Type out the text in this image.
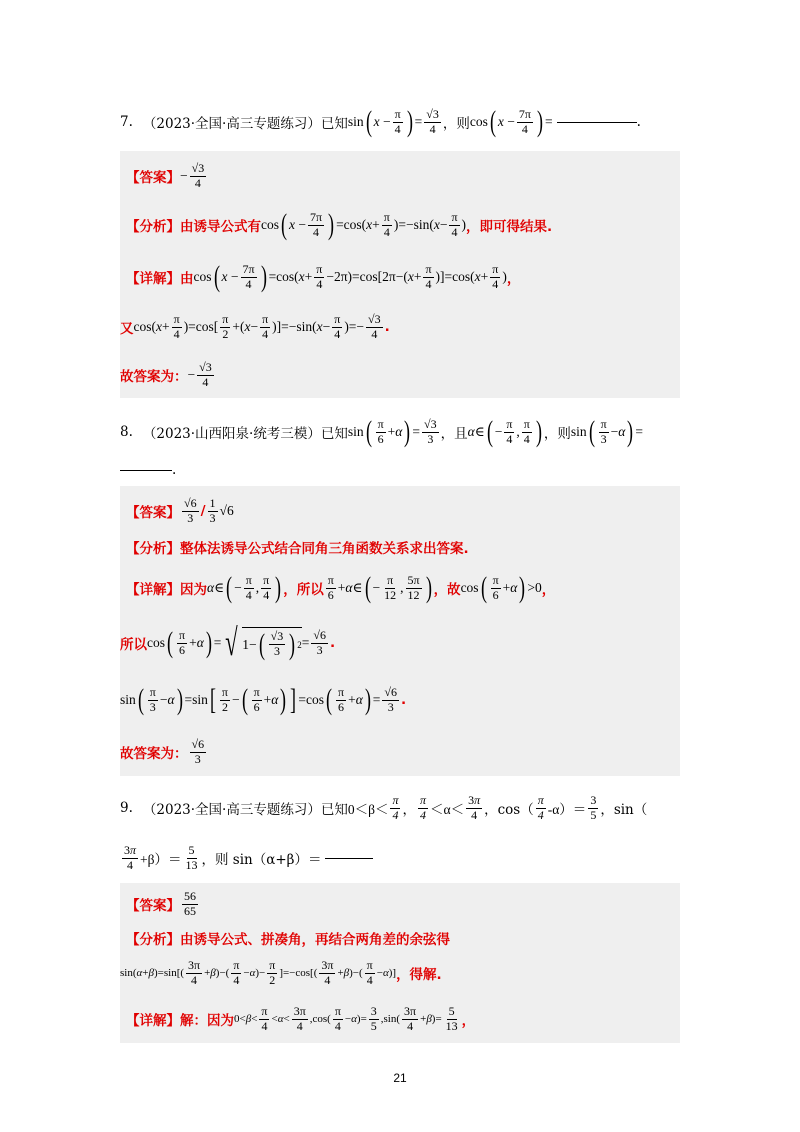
7. （2023·全国·高三专题练习）已知 sin ( $x - \frac{\pi}{4}$ ) = $\frac{√3}{4}$ ，则 cos ( $x - \frac{7\pi}{4}$ ) =	.
【答案】 − $\frac{√3}{4}$
【分析】 由诱导公式有 cos ( $x - \frac{7\pi}{4}$ ) =cos( $x + \frac{\pi}{4} )=-\sin$( $x - \frac{\pi}{4}$ ) ，即可得结果.
【详解】 由 cos ( $x - \frac{7\pi}{4}$ ) =cos( $x + \frac{\pi}{4} -2\pi)=\cos[2\pi-$( $x + \frac{\pi}{4} )]=\cos$( $x + \frac{\pi}{4}$ ) ，
又 cos( $x + \frac{\pi}{4} )=\cos[ \frac{\pi}{2}$ +( $x - \frac{\pi}{4} )]=-\sin$( $x - \frac{\pi}{4}$ )=− $\frac{√3}{4}$ .
故答案为： − $\frac{√3}{4}$
8. （2023·山西阳泉·统考三模）已知 sin ( $\frac{\pi}{6} + \alpha$ ) = $\frac{√3}{3}$ ，且 α ∈ ( − $\frac{\pi}{4}$ , $\frac{\pi}{4}$ ) ，则 sin ( $\frac{\pi}{3} - \alpha$ ) =
.
【答案】 $\frac{√6}{3} / \frac{1}{3} √6$
【分析】 整体法诱导公式结合同角三角函数关系求出答案.
【详解】 因为 α ∈ ( − $\frac{\pi}{4}$ , $\frac{\pi}{4}$ ) ，所以 $\frac{\pi}{6} + \alpha$ ∈ ( − $\frac{\pi}{12}$ , $\frac{5\pi}{12}$ ) ，故 cos ( $\frac{\pi}{6} + \alpha$ ) >0 ，
所以 cos ( $\frac{\pi}{6} + \alpha$ ) = √ 1− ( $\frac{√3}{3}$ ) $2 = \frac{√6}{3}$ .
sin ( $\frac{\pi}{3} - \alpha$ ) =sin [ $\frac{\pi}{2}$ − ( $\frac{\pi}{6} + \alpha$ ) ] =cos ( $\frac{\pi}{6} + \alpha$ ) = $\frac{√6}{3}$ .
故答案为： $\frac{√6}{3}$
9. （2023·全国·高三专题练习）已知 $0<\beta< \frac{\pi}{4}$ ， $\frac{\pi}{4} <\alpha< \frac{3\pi}{4}$ ， $\cos( \frac{\pi}{4}$ ‑α）＝ $\frac{3}{5}$ ， sin（
$\frac{3\pi}{4} +\beta)= \frac{5}{13}$ ，则 sin（α+β）＝
【答案】 $\frac{56}{65}$
【分析】 由诱导公式、拼凑角，再结合两角差的余弦得
sin( α + β )$=\sin[( \frac{3\pi}{4} + \beta$ )−( $\frac{\pi}{4} - \alpha$ )− $\frac{\pi}{2} ]=-\cos[( \frac{3\pi}{4} + \beta$ )−( $\frac{\pi}{4} - \alpha$ )] ，得解.
【详解】 解：因为 $0< \beta < \frac{\pi}{4} < \alpha < \frac{3\pi}{4} ,\cos( \frac{\pi}{4} - \alpha$ )= $\frac{3}{5} ,\sin( \frac{3\pi}{4} + \beta$ )= $\frac{5}{13}$ ，
21
